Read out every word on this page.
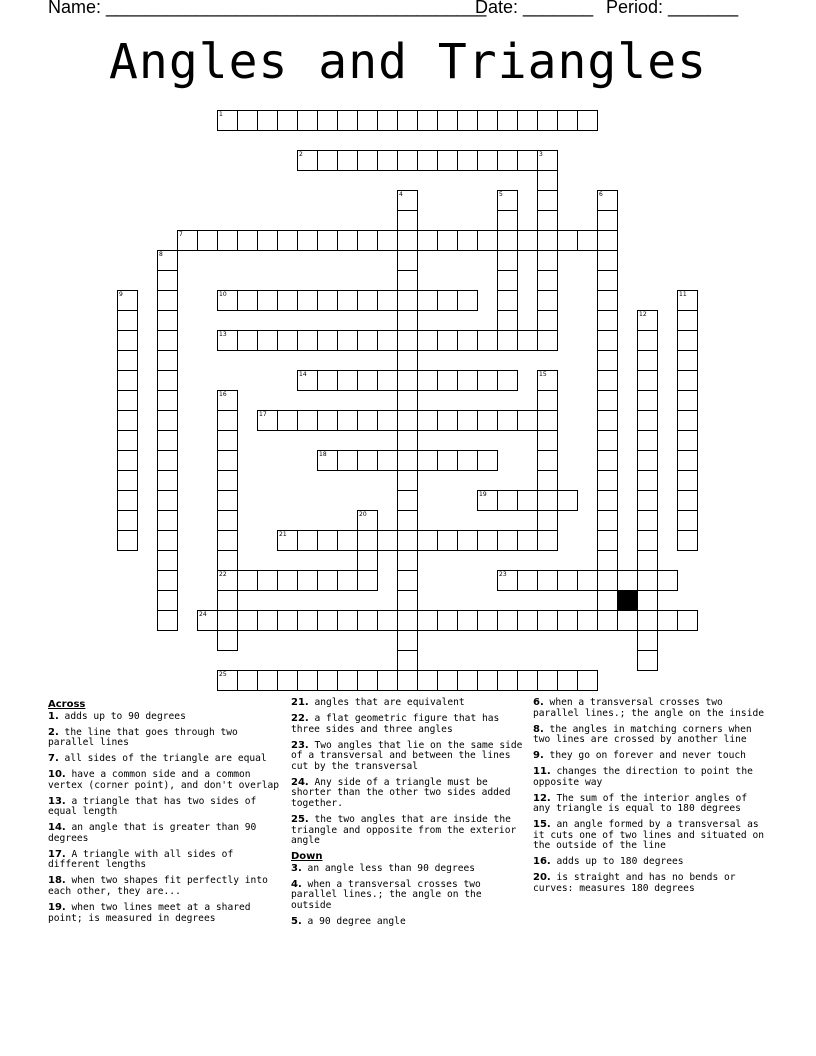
Name: ______________________________________
Date: _______ Period: _______
Angles and Triangles
1
2	3
4	5	6
7
8
9	10	11
12
13
14	15
16
22
17
18
19
20
21
23
24
25
Across
1. adds up to 90 degrees
2. the line that goes through two parallel lines
7. all sides of the triangle are equal
10. have a common side and a common vertex (corner point), and don't overlap
13. a triangle that has two sides of equal length
14. an angle that is greater than 90 degrees
17. A triangle with all sides of different lengths
18. when two shapes fit perfectly into each other, they are...
19. when two lines meet at a shared point; is measured in degrees
21. angles that are equivalent
22. a flat geometric figure that has three sides and three angles
23. Two angles that lie on the same side of a transversal and between the lines cut by the transversal
24. Any side of a triangle must be shorter than the other two sides added together.
25. the two angles that are inside the triangle and opposite from the exterior angle
Down
3. an angle less than 90 degrees
4. when a transversal crosses two parallel lines.; the angle on the outside
5. a 90 degree angle
6. when a transversal crosses two parallel lines.; the angle on the inside
8. the angles in matching corners when two lines are crossed by another line
9. they go on forever and never touch
11. changes the direction to point the opposite way
12. The sum of the interior angles of any triangle is equal to 180 degrees
15. an angle formed by a transversal as it cuts one of two lines and situated on the outside of the line
16. adds up to 180 degrees
20. is straight and has no bends or curves: measures 180 degrees
